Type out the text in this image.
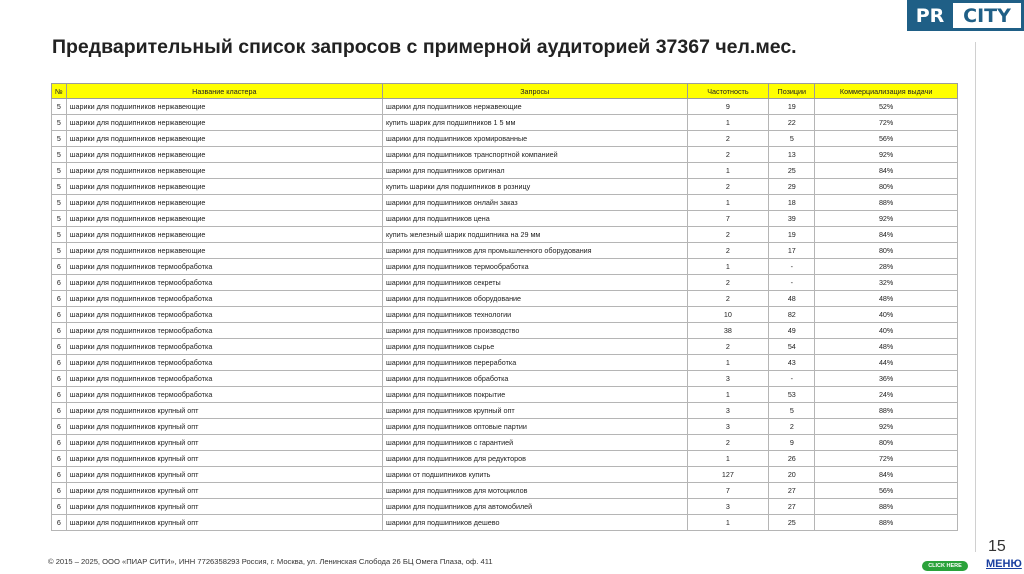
PR CITY
Предварительный список запросов с примерной аудиторией 37367 чел.мес.
№	Название кластера	Запросы	Частотность	Позиции	Коммерциализация выдачи
5	шарики для подшипников нержавеющие	шарики для подшипников нержавеющие	9	19	52%
5	шарики для подшипников нержавеющие	купить шарик для подшипников 1 5 мм	1	22	72%
5	шарики для подшипников нержавеющие	шарики для подшипников хромированные	2	5	56%
5	шарики для подшипников нержавеющие	шарики для подшипников транспортной компанией	2	13	92%
5	шарики для подшипников нержавеющие	шарики для подшипников оригинал	1	25	84%
5	шарики для подшипников нержавеющие	купить шарики для подшипников в розницу	2	29	80%
5	шарики для подшипников нержавеющие	шарики для подшипников онлайн заказ	1	18	88%
5	шарики для подшипников нержавеющие	шарики для подшипников цена	7	39	92%
5	шарики для подшипников нержавеющие	купить железный шарик подшипника на 29 мм	2	19	84%
5	шарики для подшипников нержавеющие	шарики для подшипников для промышленного оборудования	2	17	80%
6	шарики для подшипников термообработка	шарики для подшипников термообработка	1	-	28%
6	шарики для подшипников термообработка	шарики для подшипников секреты	2	-	32%
6	шарики для подшипников термообработка	шарики для подшипников оборудование	2	48	48%
6	шарики для подшипников термообработка	шарики для подшипников технологии	10	82	40%
6	шарики для подшипников термообработка	шарики для подшипников производство	38	49	40%
6	шарики для подшипников термообработка	шарики для подшипников сырье	2	54	48%
6	шарики для подшипников термообработка	шарики для подшипников переработка	1	43	44%
6	шарики для подшипников термообработка	шарики для подшипников обработка	3	-	36%
6	шарики для подшипников термообработка	шарики для подшипников покрытие	1	53	24%
6	шарики для подшипников крупный опт	шарики для подшипников крупный опт	3	5	88%
6	шарики для подшипников крупный опт	шарики для подшипников оптовые партии	3	2	92%
6	шарики для подшипников крупный опт	шарики для подшипников с гарантией	2	9	80%
6	шарики для подшипников крупный опт	шарики для подшипников для редукторов	1	26	72%
6	шарики для подшипников крупный опт	шарики от подшипников купить	127	20	84%
6	шарики для подшипников крупный опт	шарики для подшипников для мотоциклов	7	27	56%
6	шарики для подшипников крупный опт	шарики для подшипников для автомобилей	3	27	88%
6	шарики для подшипников крупный опт	шарики для подшипников дешево	1	25	88%
© 2015 – 2025, ООО «ПИАР СИТИ», ИНН 7726358293 Россия, г. Москва, ул. Ленинская Слобода 26 БЦ Омега Плаза, оф. 411
15
CLICK HERE	МЕНЮ
